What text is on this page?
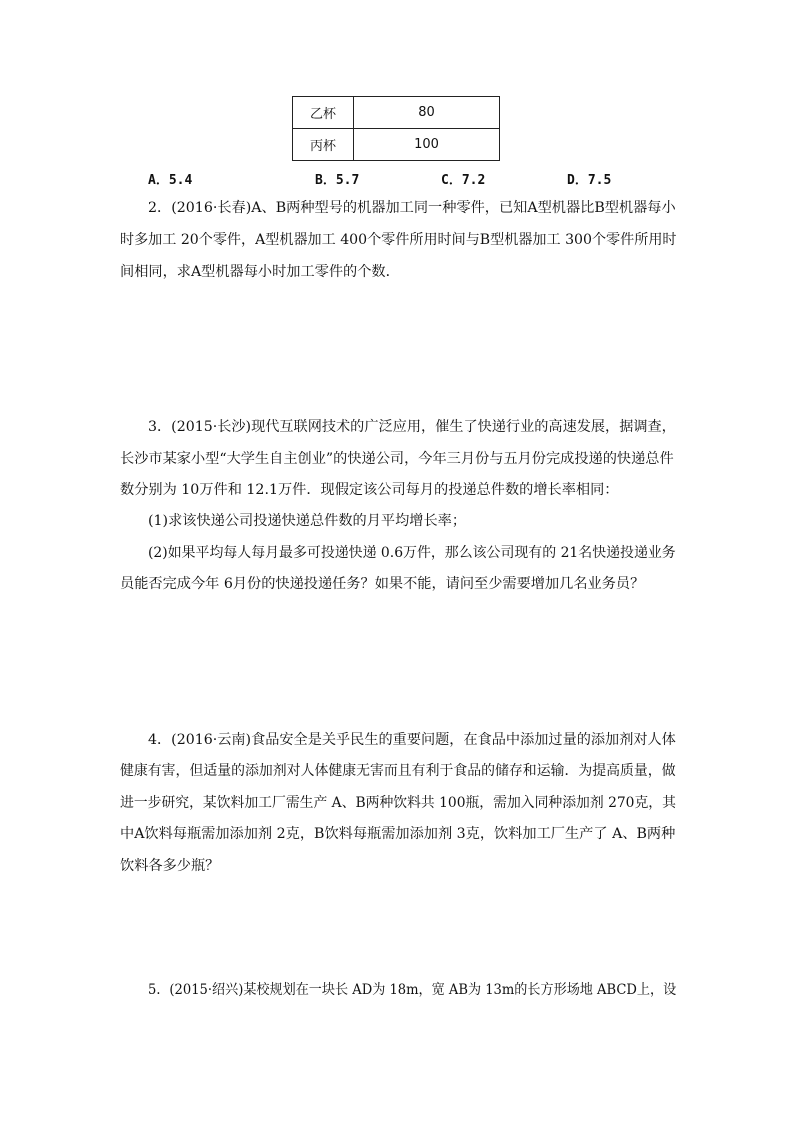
乙杯	80
丙杯	100
A．5.4	B．5.7	C．7.2	D．7.5
2．(2016·长春)A、B两种型号的机器加工同一种零件，已知A型机器比B型机器每小
时多加工 20个零件，A型机器加工 400个零件所用时间与B型机器加工 300个零件所用时
间相同，求A型机器每小时加工零件的个数．
3．(2015·长沙)现代互联网技术的广泛应用，催生了快递行业的高速发展，据调查，
长沙市某家小型“大学生自主创业”的快递公司，今年三月份与五月份完成投递的快递总件
数分别为 10万件和 12.1万件．现假定该公司每月的投递总件数的增长率相同：
(1)求该快递公司投递快递总件数的月平均增长率；
(2)如果平均每人每月最多可投递快递 0.6万件，那么该公司现有的 21名快递投递业务
员能否完成今年 6月份的快递投递任务？如果不能，请问至少需要增加几名业务员？
4．(2016·云南)食品安全是关乎民生的重要问题，在食品中添加过量的添加剂对人体
健康有害，但适量的添加剂对人体健康无害而且有利于食品的储存和运输．为提高质量，做
进一步研究，某饮料加工厂需生产 A、B两种饮料共 100瓶，需加入同种添加剂 270克，其
中A饮料每瓶需加添加剂 2克，B饮料每瓶需加添加剂 3克，饮料加工厂生产了 A、B两种
饮料各多少瓶？
5．(2015·绍兴)某校规划在一块长 AD为 18m，宽 AB为 13m的长方形场地 ABCD上，设
